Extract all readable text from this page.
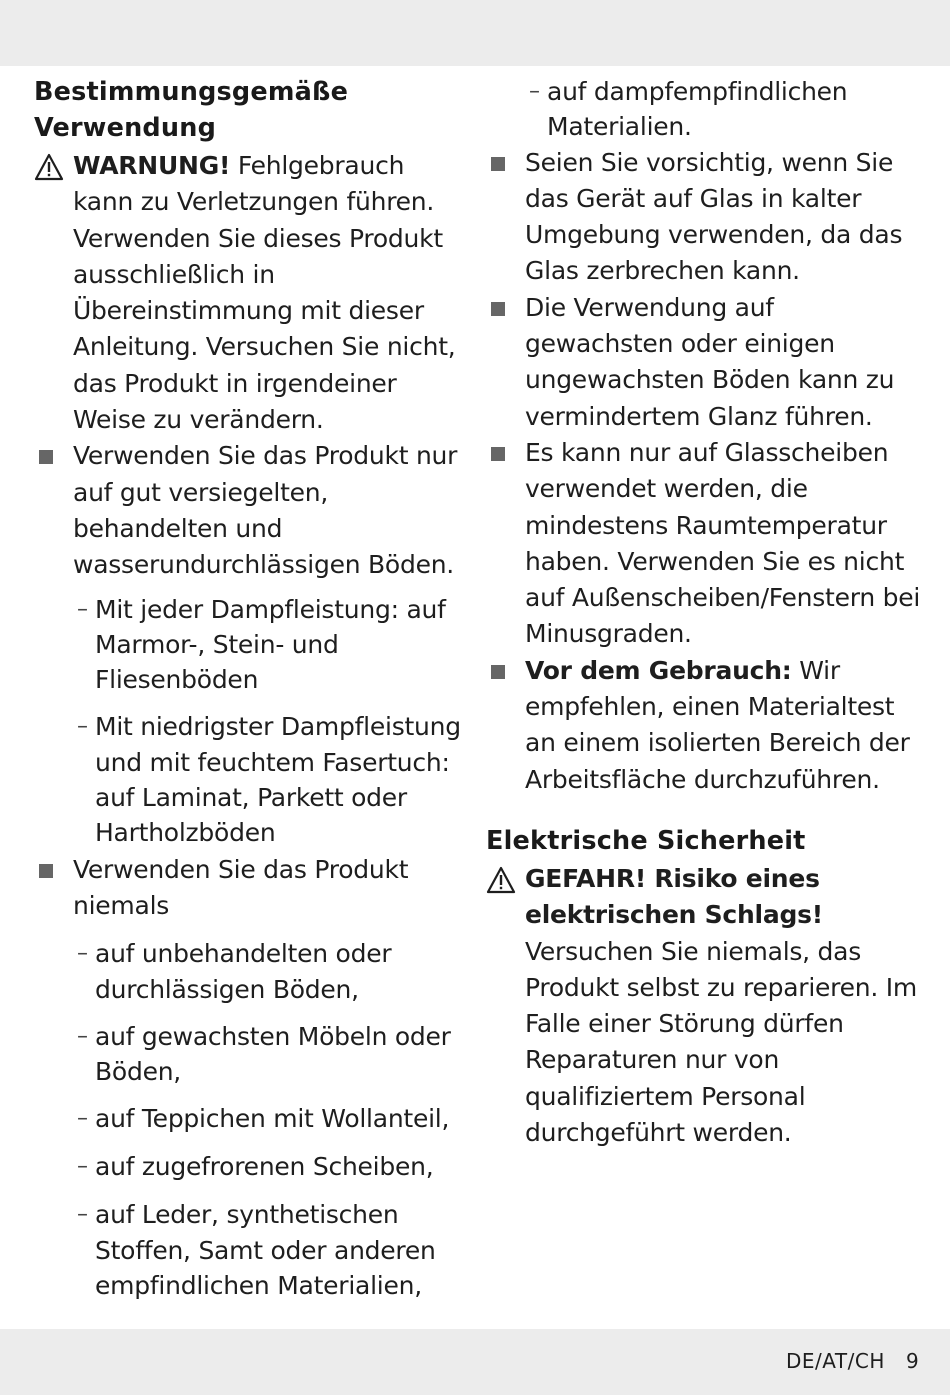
Bestimmungsgemäße
Verwendung
WARNUNG! Fehlgebrauch kann zu Verletzungen führen. Verwenden Sie dieses Produkt ausschließlich in Übereinstimmung mit dieser Anleitung. Versuchen Sie nicht, das Produkt in irgendeiner Weise zu verändern.
Verwenden Sie das Produkt nur auf gut versiegelten, behandelten und wasserundurchlässigen Böden.
– Mit jeder Dampfleistung: auf Marmor-, Stein- und Fliesenböden
– Mit niedrigster Dampfleistung und mit feuchtem Fasertuch: auf Laminat, Parkett oder Hartholzböden
Verwenden Sie das Produkt niemals
– auf unbehandelten oder durchlässigen Böden,
– auf gewachsten Möbeln oder Böden,
– auf Teppichen mit Wollanteil,
– auf zugefrorenen Scheiben,
– auf Leder, synthetischen Stoffen, Samt oder anderen empfindlichen Materialien,
– auf dampfempfindlichen Materialien.
Seien Sie vorsichtig, wenn Sie das Gerät auf Glas in kalter Umgebung verwenden, da das Glas zerbrechen kann.
Die Verwendung auf gewachsten oder einigen ungewachsten Böden kann zu vermindertem Glanz führen.
Es kann nur auf Glasscheiben verwendet werden, die mindestens Raumtemperatur haben. Verwenden Sie es nicht auf Außenscheiben/Fenstern bei Minusgraden.
Vor dem Gebrauch: Wir empfehlen, einen Materialtest an einem isolierten Bereich der Arbeitsfläche durchzuführen.
Elektrische Sicherheit
GEFAHR! Risiko eines elektrischen Schlags! Versuchen Sie niemals, das Produkt selbst zu reparieren. Im Falle einer Störung dürfen Reparaturen nur von qualifiziertem Personal durchgeführt werden.
DE/AT/CH 9
